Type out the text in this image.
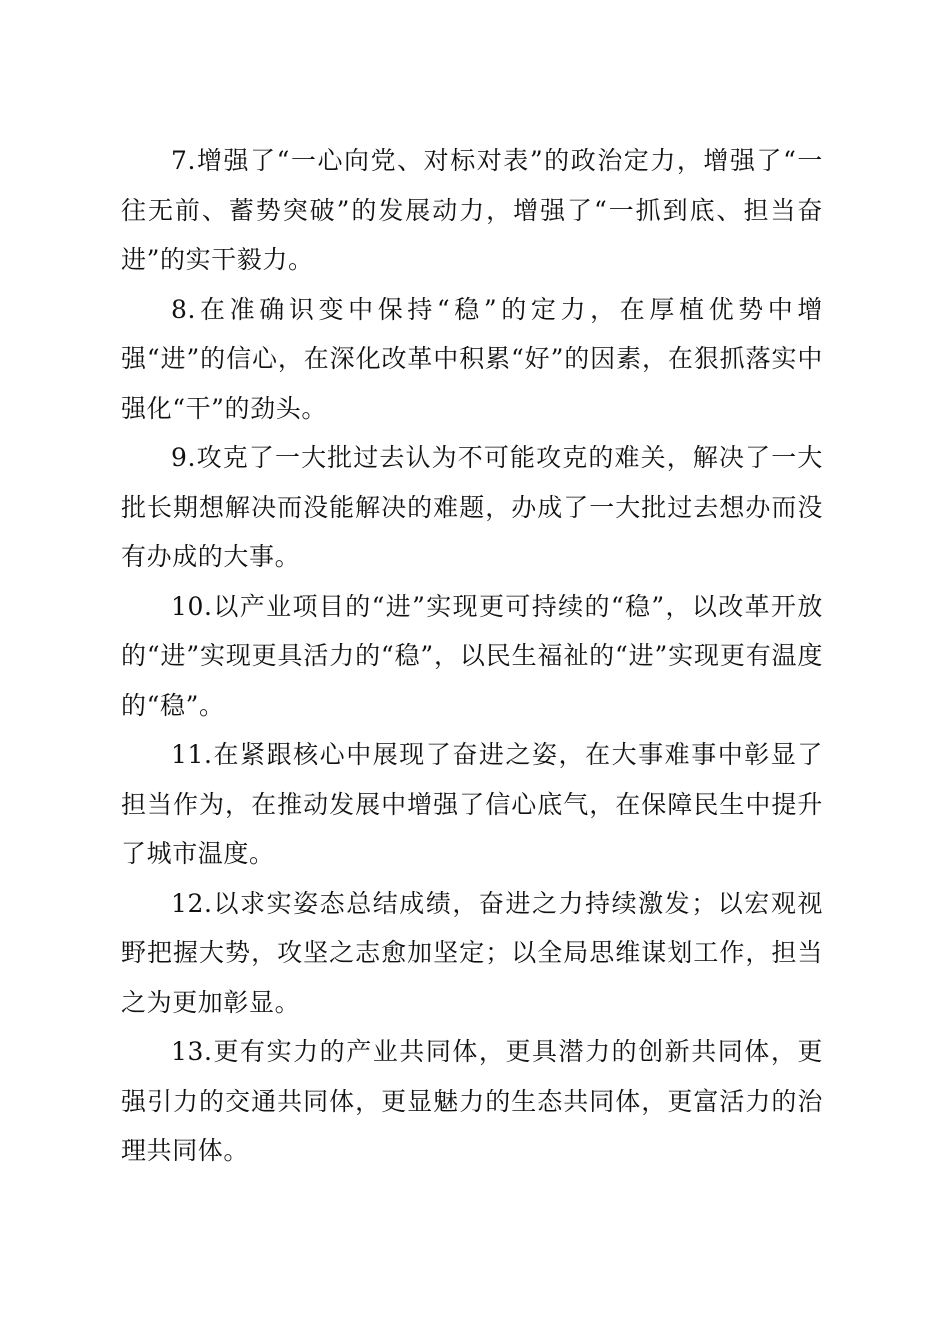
7.增强了“一心向党、对标对表”的政治定力，增强了“一往无前、蓄势突破”的发展动力，增强了“一抓到底、担当奋进”的实干毅力。

8.在准确识变中保持“稳”的定力，在厚植优势中增强“进”的信心，在深化改革中积累“好”的因素，在狠抓落实中强化“干”的劲头。

9.攻克了一大批过去认为不可能攻克的难关，解决了一大批长期想解决而没能解决的难题，办成了一大批过去想办而没有办成的大事。

10.以产业项目的“进”实现更可持续的“稳”，以改革开放的“进”实现更具活力的“稳”，以民生福祉的“进”实现更有温度的“稳”。

11.在紧跟核心中展现了奋进之姿，在大事难事中彰显了担当作为，在推动发展中增强了信心底气，在保障民生中提升了城市温度。

12.以求实姿态总结成绩，奋进之力持续激发；以宏观视野把握大势，攻坚之志愈加坚定；以全局思维谋划工作，担当之为更加彰显。

13.更有实力的产业共同体，更具潜力的创新共同体，更强引力的交通共同体，更显魅力的生态共同体，更富活力的治理共同体。
